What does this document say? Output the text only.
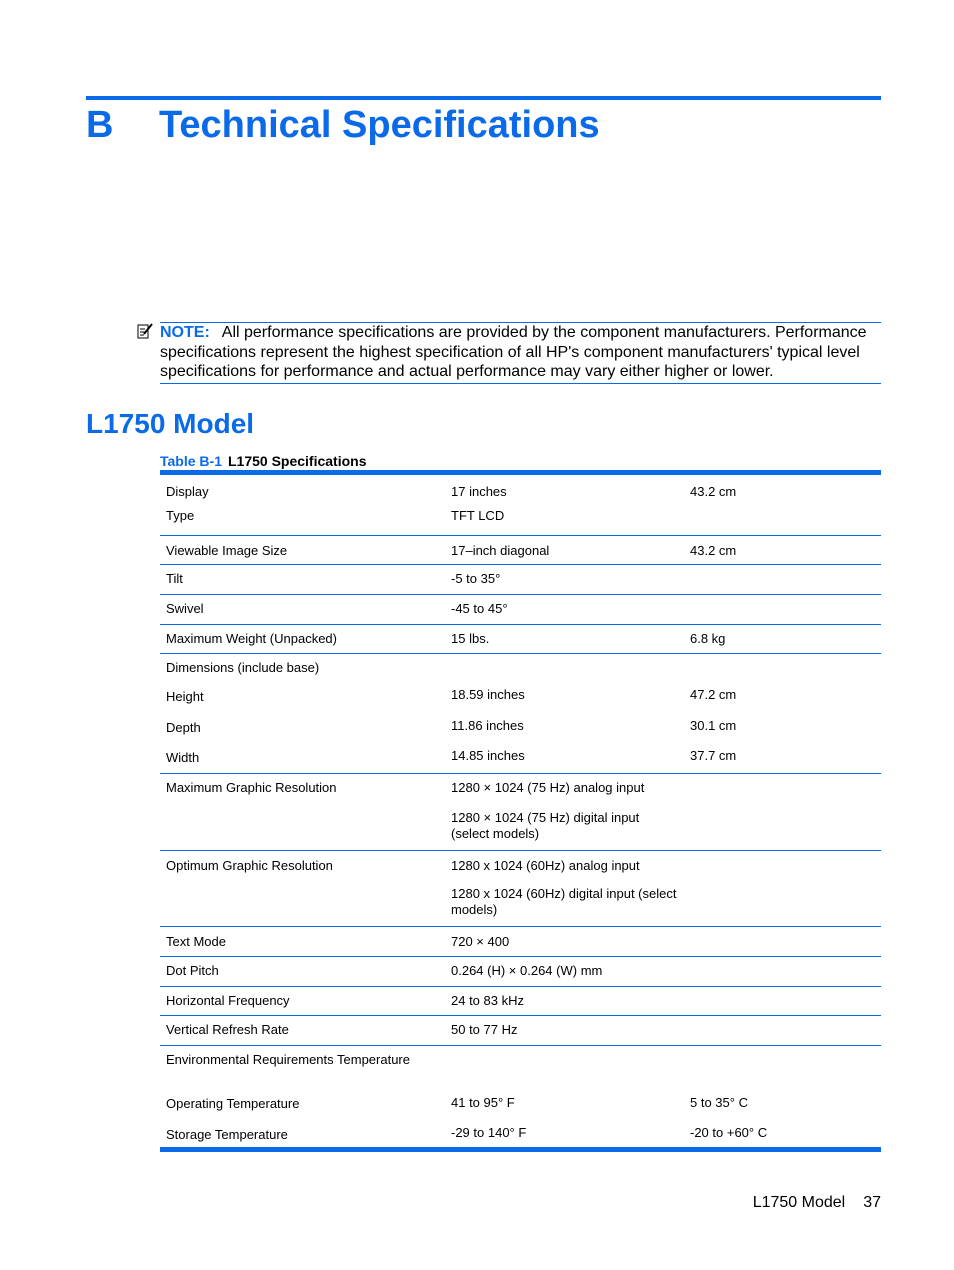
B Technical Specifications
NOTE: All performance specifications are provided by the component manufacturers. Performance specifications represent the highest specification of all HP's component manufacturers' typical level specifications for performance and actual performance may vary either higher or lower.
L1750 Model
Table B-1 L1750 Specifications
Display	17 inches	43.2 cm
Type	TFT LCD	
Viewable Image Size	17–inch diagonal	43.2 cm
Tilt	-5 to 35°	
Swivel	-45 to 45°	
Maximum Weight (Unpacked)	15 lbs.	6.8 kg
Dimensions (include base)		
Height	18.59 inches	47.2 cm
Depth	11.86 inches	30.1 cm
Width	14.85 inches	37.7 cm
Maximum Graphic Resolution	1280 × 1024 (75 Hz) analog input	
	1280 × 1024 (75 Hz) digital input (select models)	
Optimum Graphic Resolution	1280 x 1024 (60Hz) analog input	
	1280 x 1024 (60Hz) digital input (select models)	
Text Mode	720 × 400	
Dot Pitch	0.264 (H) × 0.264 (W) mm	
Horizontal Frequency	24 to 83 kHz	
Vertical Refresh Rate	50 to 77 Hz	
Environmental Requirements Temperature		
Operating Temperature	41 to 95° F	5 to 35° C
Storage Temperature	-29 to 140° F	-20 to +60° C
L1750 Model 37
